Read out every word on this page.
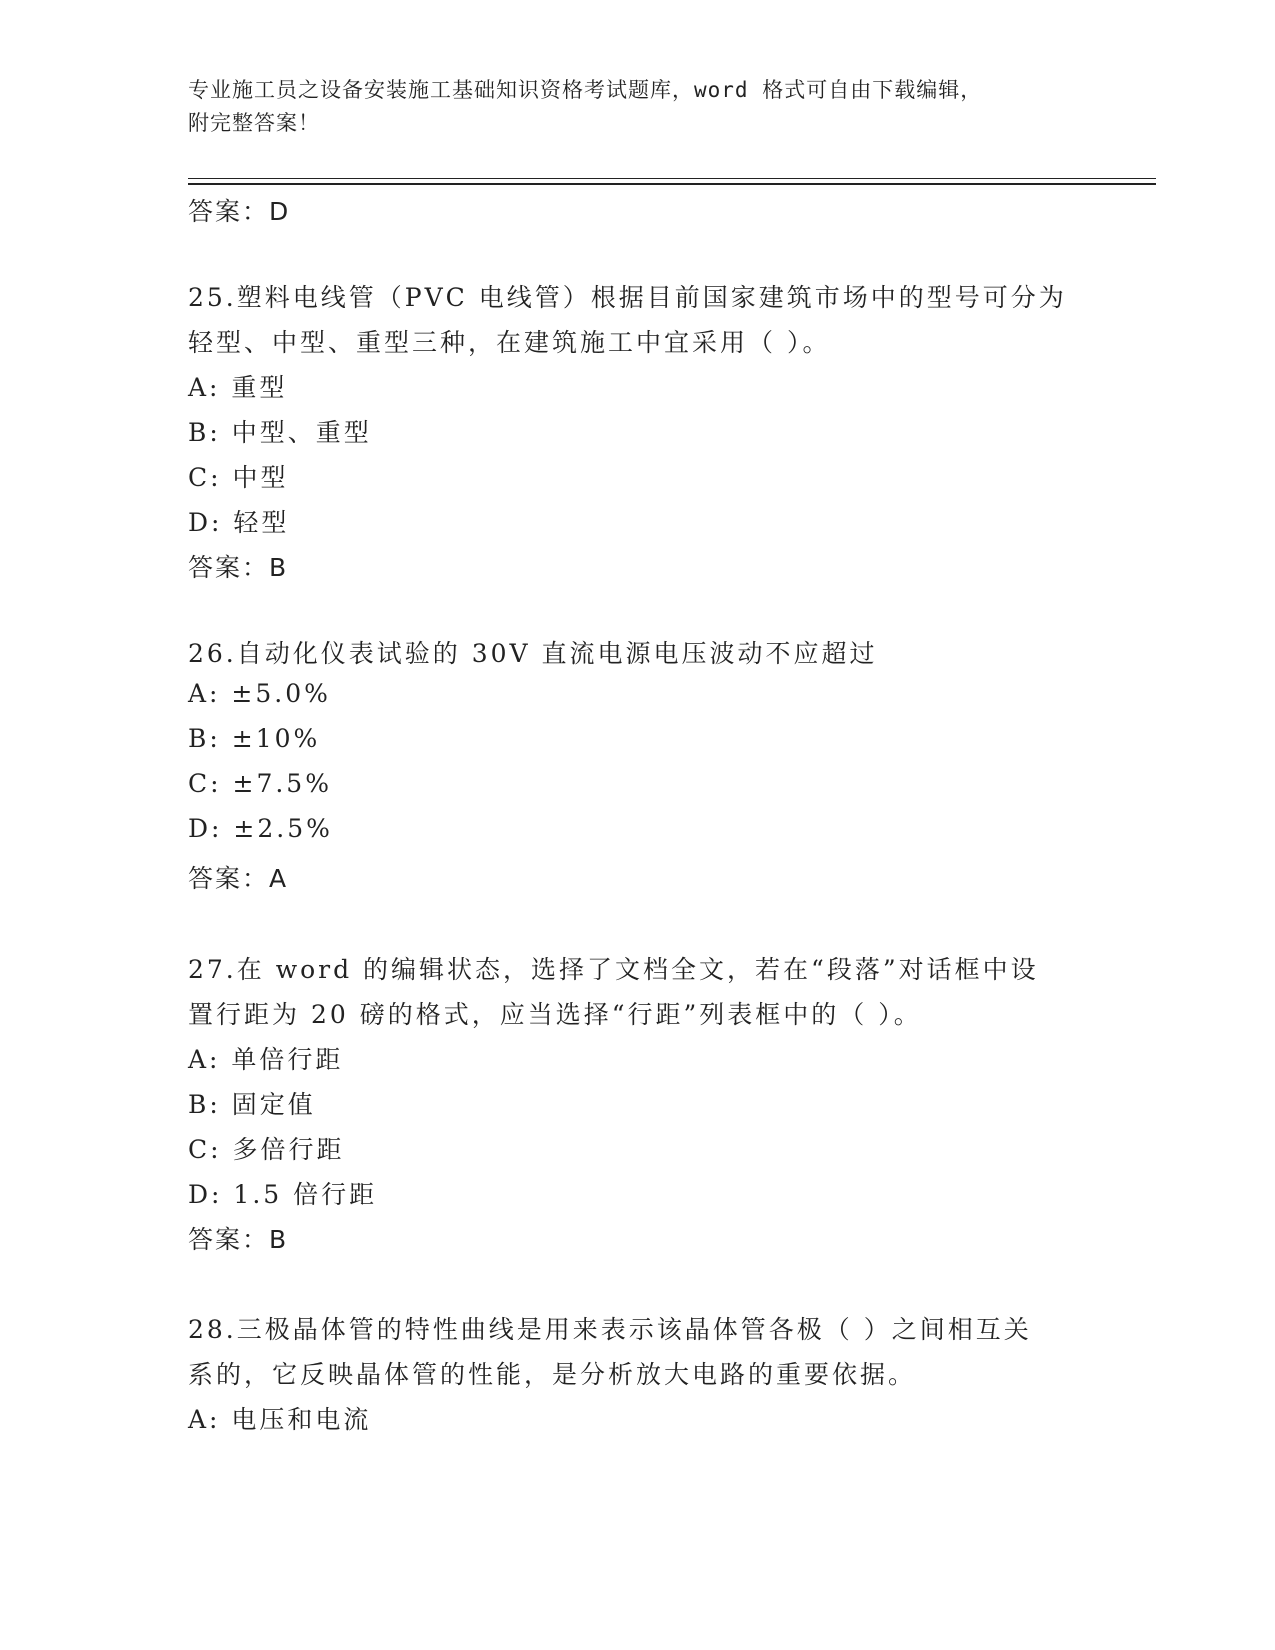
专业施工员之设备安装施工基础知识资格考试题库，word 格式可自由下载编辑，
附完整答案！
答案：D
25.塑料电线管（PVC 电线管）根据目前国家建筑市场中的型号可分为
轻型、中型、重型三种，在建筑施工中宜采用（ ）。
A: 重型
B: 中型、重型
C: 中型
D: 轻型
答案：B
26.自动化仪表试验的 30V 直流电源电压波动不应超过
A: ±5.0%
B: ±10%
C: ±7.5%
D: ±2.5%
答案：A
27.在 word 的编辑状态，选择了文档全文，若在“段落”对话框中设
置行距为 20 磅的格式，应当选择“行距”列表框中的（ ）。
A: 单倍行距
B: 固定值
C: 多倍行距
D: 1.5 倍行距
答案：B
28.三极晶体管的特性曲线是用来表示该晶体管各极（ ）之间相互关
系的，它反映晶体管的性能，是分析放大电路的重要依据。
A: 电压和电流
